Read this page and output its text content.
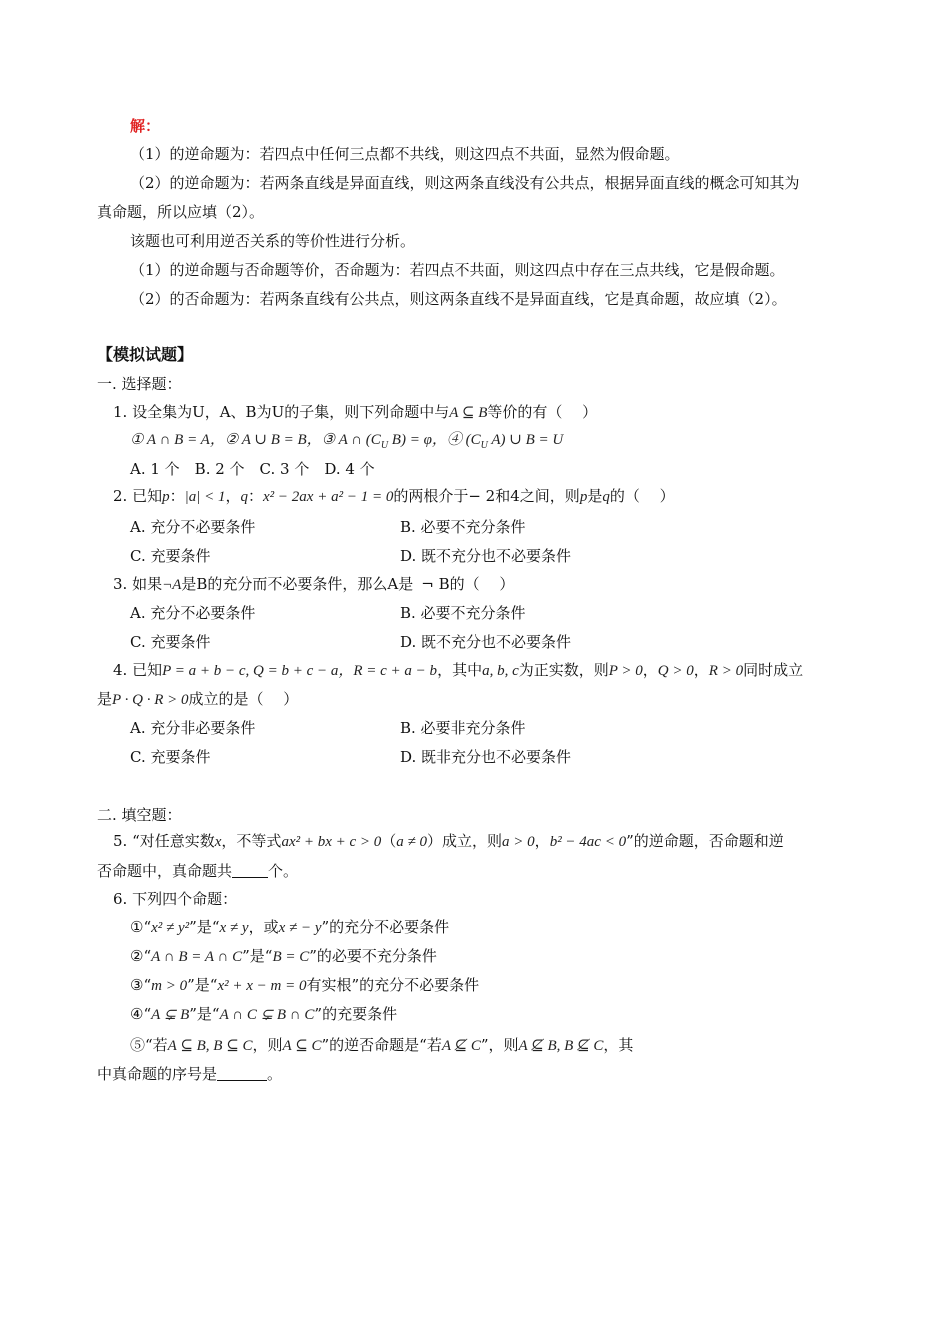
解：
（1）的逆命题为：若四点中任何三点都不共线，则这四点不共面，显然为假命题。
（2）的逆命题为：若两条直线是异面直线，则这两条直线没有公共点，根据异面直线的概念可知其为
真命题，所以应填（2）。
该题也可利用逆否关系的等价性进行分析。
（1）的逆命题与否命题等价，否命题为：若四点不共面，则这四点中存在三点共线，它是假命题。
（2）的否命题为：若两条直线有公共点，则这两条直线不是异面直线，它是真命题，故应填（2）。
【模拟试题】
一. 选择题：
1. 设全集为U，A、B为U的子集，则下列命题中与A ⊆ B等价的有（　 ）
① A ∩ B = A，② A ∪ B = B，③ A ∩ ($C_U$ B) = φ，④ ($C_U$ A) ∪ B = U
A. 1 个　B. 2 个　C. 3 个　D. 4 个
2. 已知p：|a| < 1，q：x² − 2ax + a² − 1 = 0的两根介于− 2和4之间，则p是q的（　 ）
A. 充分不必要条件	B. 必要不充分条件
C. 充要条件	D. 既不充分也不必要条件
3. 如果¬A是B的充分而不必要条件，那么A是 ¬ B的（　 ）
A. 充分不必要条件	B. 必要不充分条件
C. 充要条件	D. 既不充分也不必要条件
4. 已知P = a + b − c, Q = b + c − a，R = c + a − b，其中a, b, c为正实数，则P > 0，Q > 0，R > 0同时成立
是P · Q · R > 0成立的是（　 ）
A. 充分非必要条件	B. 必要非充分条件
C. 充要条件	D. 既非充分也不必要条件
二. 填空题：
5. “对任意实数x，不等式ax² + bx + c > 0（a ≠ 0）成立，则a > 0，b² − 4ac < 0”的逆命题，否命题和逆
否命题中，真命题共 个。
6. 下列四个命题：
①“x² ≠ y²”是“x ≠ y，或x ≠ − y”的充分不必要条件
②“A ∩ B = A ∩ C”是“B = C”的必要不充分条件
③“m > 0”是“x² + x − m = 0有实根”的充分不必要条件
④“A ⊊ B”是“A ∩ C ⊊ B ∩ C”的充要条件
⑤“若A ⊆ B, B ⊆ C，则A ⊆ C”的逆否命题是“若A ⊈ C”，则A ⊈ B, B ⊈ C，其
中真命题的序号是	。
